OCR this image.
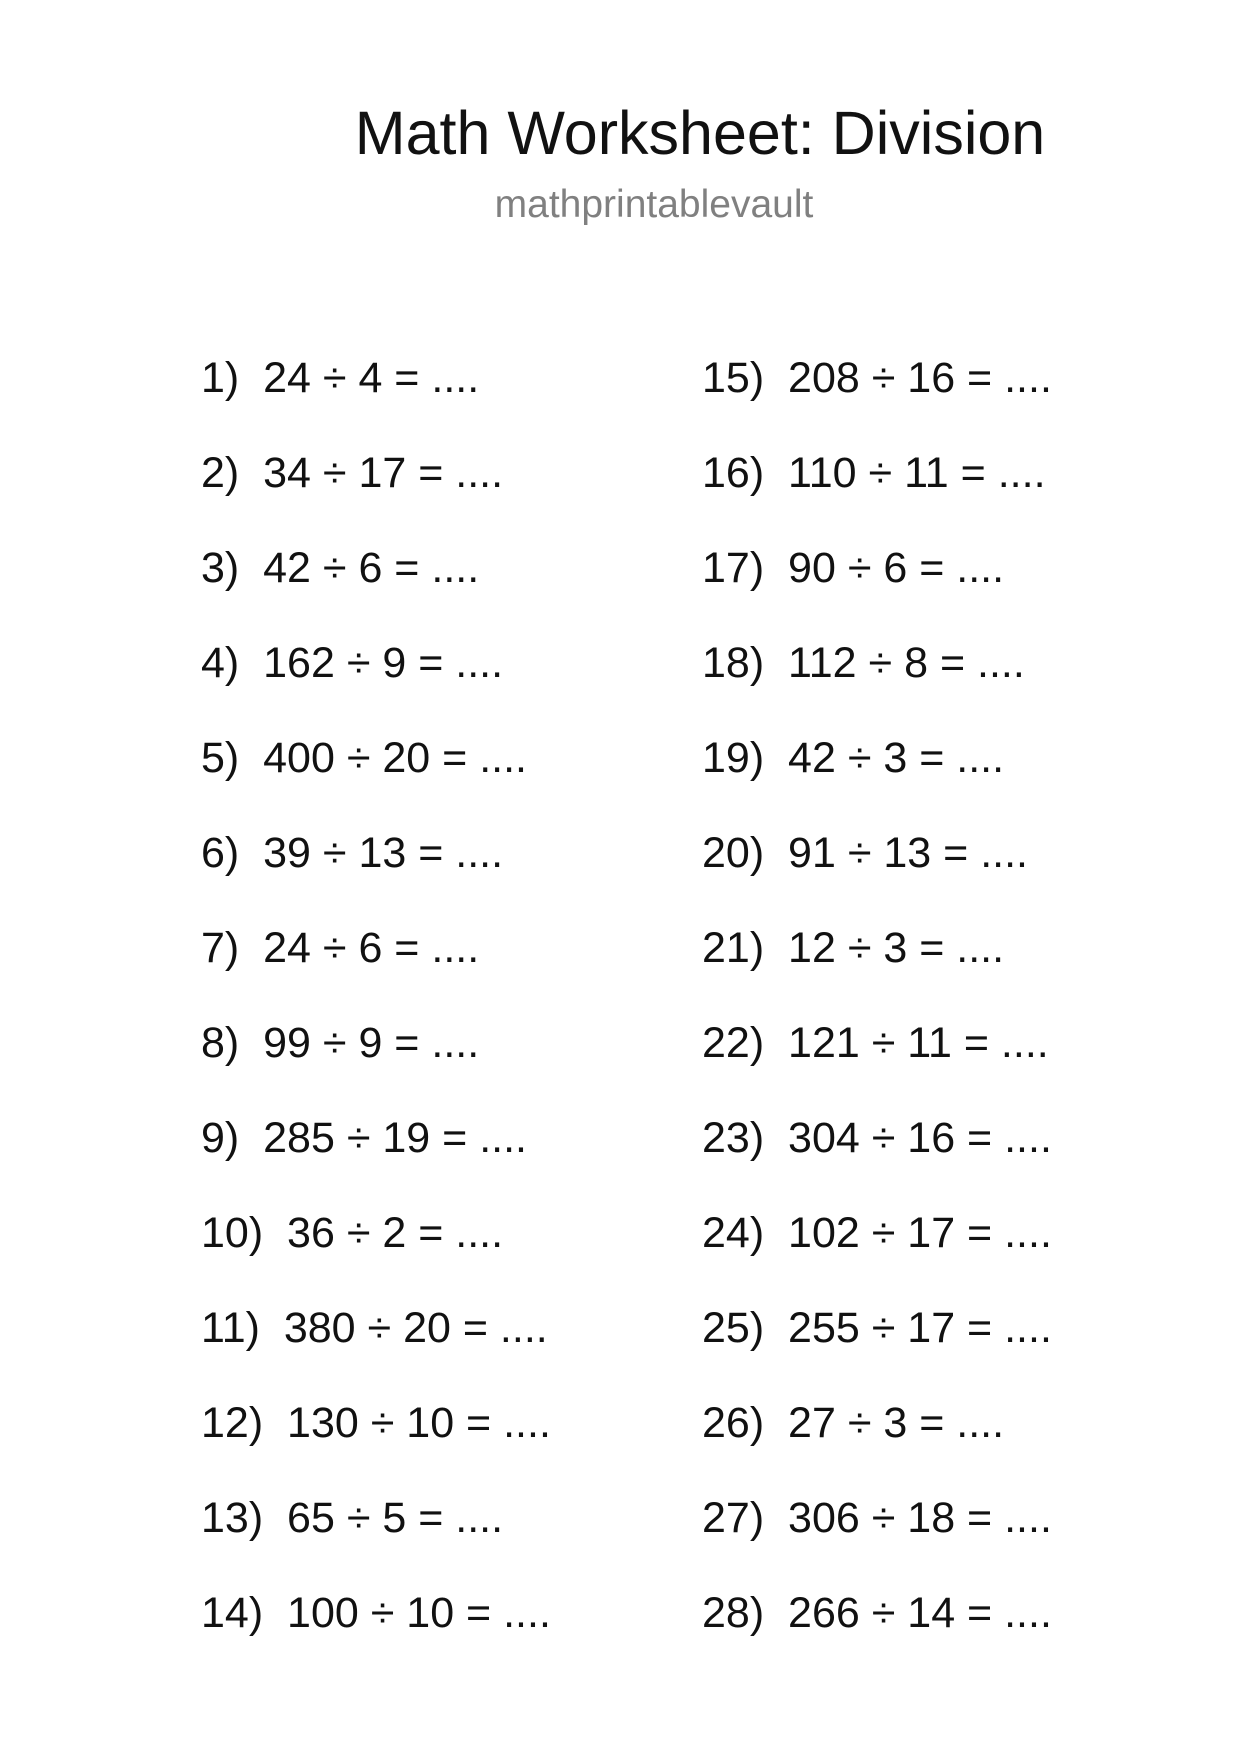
Math Worksheet: Division
mathprintablevault
1)  24 ÷ 4 = ....
2)  34 ÷ 17 = ....
3)  42 ÷ 6 = ....
4)  162 ÷ 9 = ....
5)  400 ÷ 20 = ....
6)  39 ÷ 13 = ....
7)  24 ÷ 6 = ....
8)  99 ÷ 9 = ....
9)  285 ÷ 19 = ....
10)  36 ÷ 2 = ....
11)  380 ÷ 20 = ....
12)  130 ÷ 10 = ....
13)  65 ÷ 5 = ....
14)  100 ÷ 10 = ....
15)  208 ÷ 16 = ....
16)  110 ÷ 11 = ....
17)  90 ÷ 6 = ....
18)  112 ÷ 8 = ....
19)  42 ÷ 3 = ....
20)  91 ÷ 13 = ....
21)  12 ÷ 3 = ....
22)  121 ÷ 11 = ....
23)  304 ÷ 16 = ....
24)  102 ÷ 17 = ....
25)  255 ÷ 17 = ....
26)  27 ÷ 3 = ....
27)  306 ÷ 18 = ....
28)  266 ÷ 14 = ....
